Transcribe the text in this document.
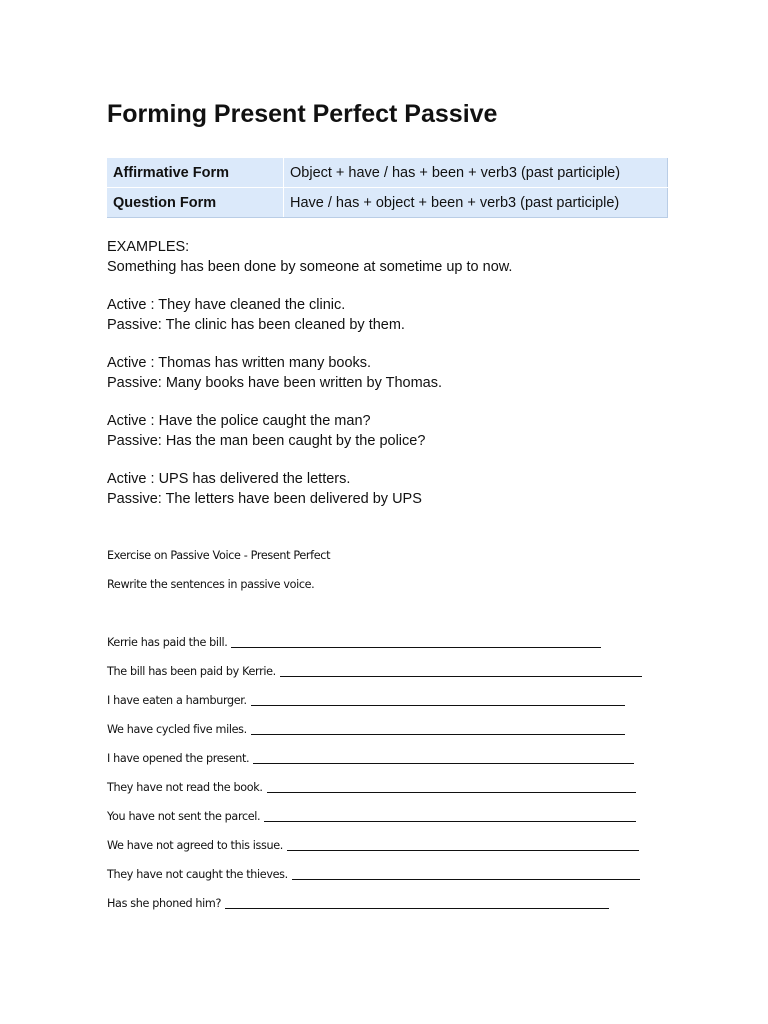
Forming Present Perfect Passive
Affirmative Form	Object + have / has + been + verb3 (past participle)
Question Form	Have / has + object + been + verb3 (past participle)

EXAMPLES:

Something has been done by someone at sometime up to now.

Active : They have cleaned the clinic.

Passive: The clinic has been cleaned by them.

Active : Thomas has written many books.

Passive: Many books have been written by Thomas.

Active : Have the police caught the man?

Passive: Has the man been caught by the police?

Active : UPS has delivered the letters.

Passive: The letters have been delivered by UPS

Exercise on Passive Voice - Present Perfect
Rewrite the sentences in passive voice.
Kerrie has paid the bill.
The bill has been paid by Kerrie.
I have eaten a hamburger.
We have cycled five miles.
I have opened the present.
They have not read the book.
You have not sent the parcel.
We have not agreed to this issue.
They have not caught the thieves.
Has she phoned him?
